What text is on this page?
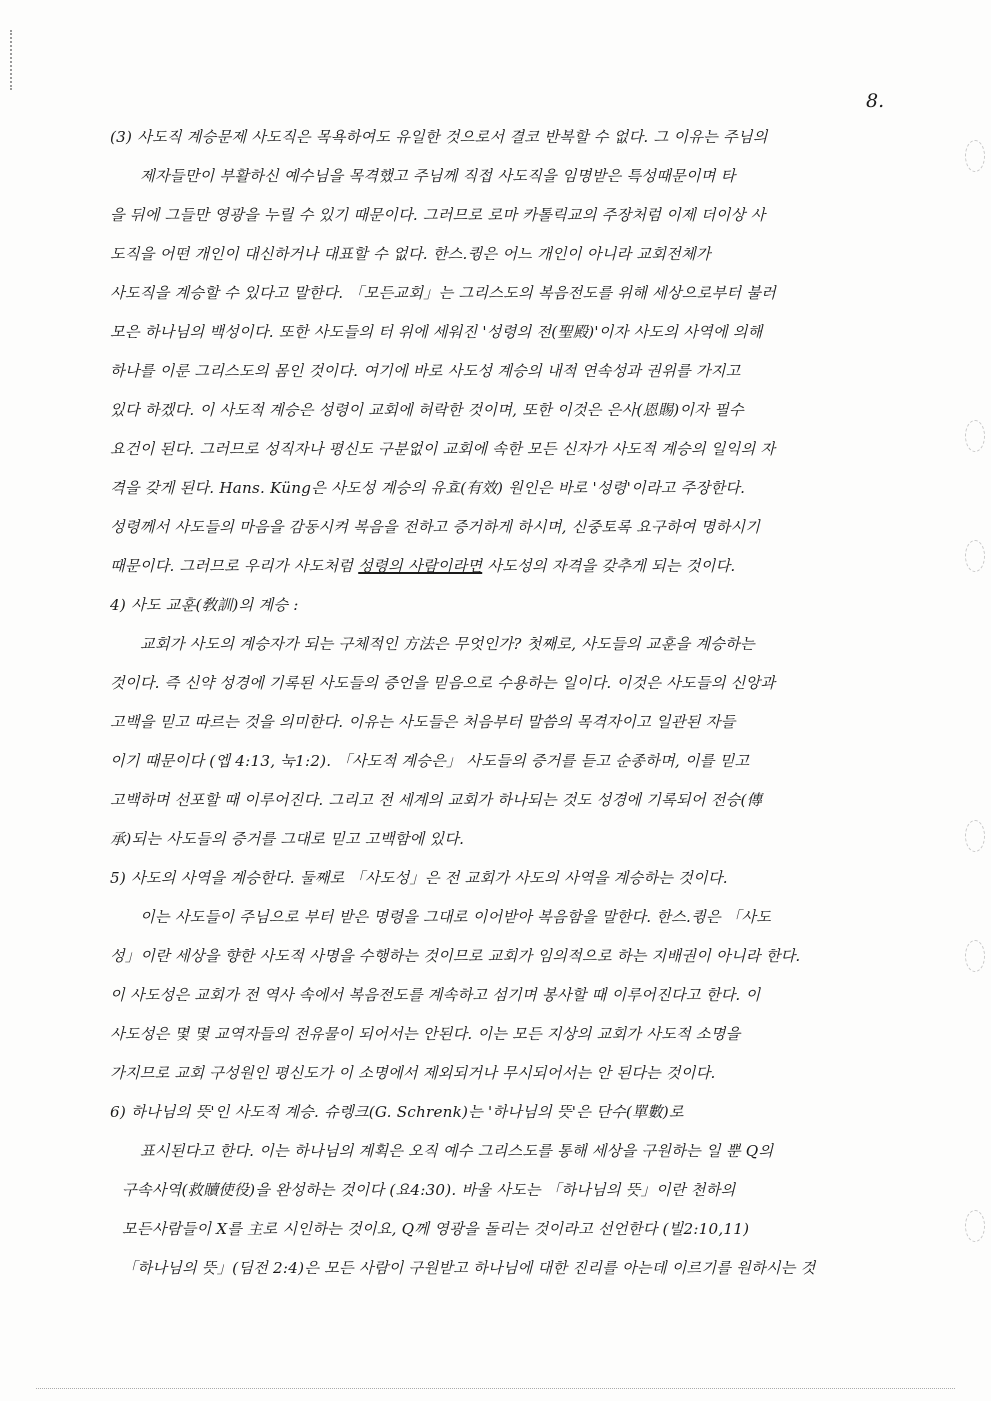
8.
(3) 사도직 계승문제 사도직은 목욕하여도 유일한 것으로서 결코 반복할 수 없다. 그 이유는 주님의
제자들만이 부활하신 예수님을 목격했고 주님께 직접 사도직을 임명받은 특성때문이며 타
을 뒤에 그들만 영광을 누릴 수 있기 때문이다. 그러므로 로마 카톨릭교의 주장처럼 이제 더이상 사
도직을 어떤 개인이 대신하거나 대표할 수 없다. 한스.큉은 어느 개인이 아니라 교회전체가
사도직을 계승할 수 있다고 말한다. 「모든교회」는 그리스도의 복음전도를 위해 세상으로부터 불러
모은 하나님의 백성이다. 또한 사도들의 터 위에 세워진 '성령의 전(聖殿)'이자 사도의 사역에 의해
하나를 이룬 그리스도의 몸인 것이다. 여기에 바로 사도성 계승의 내적 연속성과 권위를 가지고
있다 하겠다. 이 사도적 계승은 성령이 교회에 허락한 것이며, 또한 이것은 은사(恩賜)이자 필수
요건이 된다. 그러므로 성직자나 평신도 구분없이 교회에 속한 모든 신자가 사도적 계승의 일익의 자
격을 갖게 된다. Hans. Küng은 사도성 계승의 유효(有效) 원인은 바로 '성령'이라고 주장한다.
성령께서 사도들의 마음을 감동시켜 복음을 전하고 증거하게 하시며, 신중토록 요구하여 명하시기
때문이다. 그러므로 우리가 사도처럼 성령의 사람이라면 사도성의 자격을 갖추게 되는 것이다.
4) 사도 교훈(敎訓)의 계승 :
교회가 사도의 계승자가 되는 구체적인 方法은 무엇인가? 첫째로, 사도들의 교훈을 계승하는
것이다. 즉 신약 성경에 기록된 사도들의 증언을 믿음으로 수용하는 일이다. 이것은 사도들의 신앙과
고백을 믿고 따르는 것을 의미한다. 이유는 사도들은 처음부터 말씀의 목격자이고 일관된 자들
이기 때문이다 (엡 4:13, 눅1:2). 「사도적 계승은」 사도들의 증거를 듣고 순종하며, 이를 믿고
고백하며 선포할 때 이루어진다. 그리고 전 세계의 교회가 하나되는 것도 성경에 기록되어 전승(傳
承)되는 사도들의 증거를 그대로 믿고 고백함에 있다.
5) 사도의 사역을 계승한다. 둘째로 「사도성」은 전 교회가 사도의 사역을 계승하는 것이다.
이는 사도들이 주님으로 부터 받은 명령을 그대로 이어받아 복음함을 말한다. 한스.큉은 「사도
성」이란 세상을 향한 사도적 사명을 수행하는 것이므로 교회가 임의적으로 하는 지배권이 아니라 한다.
이 사도성은 교회가 전 역사 속에서 복음전도를 계속하고 섬기며 봉사할 때 이루어진다고 한다. 이
사도성은 몇 몇 교역자들의 전유물이 되어서는 안된다. 이는 모든 지상의 교회가 사도적 소명을
가지므로 교회 구성원인 평신도가 이 소명에서 제외되거나 무시되어서는 안 된다는 것이다.
6) 하나님의 뜻'인 사도적 계승. 슈렝크(G. Schrenk)는 '하나님의 뜻'은 단수(單數)로
표시된다고 한다. 이는 하나님의 계획은 오직 예수 그리스도를 통해 세상을 구원하는 일 뿐 Q의
구속사역(救贖使役)을 완성하는 것이다 (요4:30). 바울 사도는 「하나님의 뜻」이란 천하의
모든사람들이 X를 主로 시인하는 것이요, Q께 영광을 돌리는 것이라고 선언한다 (빌2:10,11)
「하나님의 뜻」(딤전 2:4)은 모든 사람이 구원받고 하나님에 대한 진리를 아는데 이르기를 원하시는 것
